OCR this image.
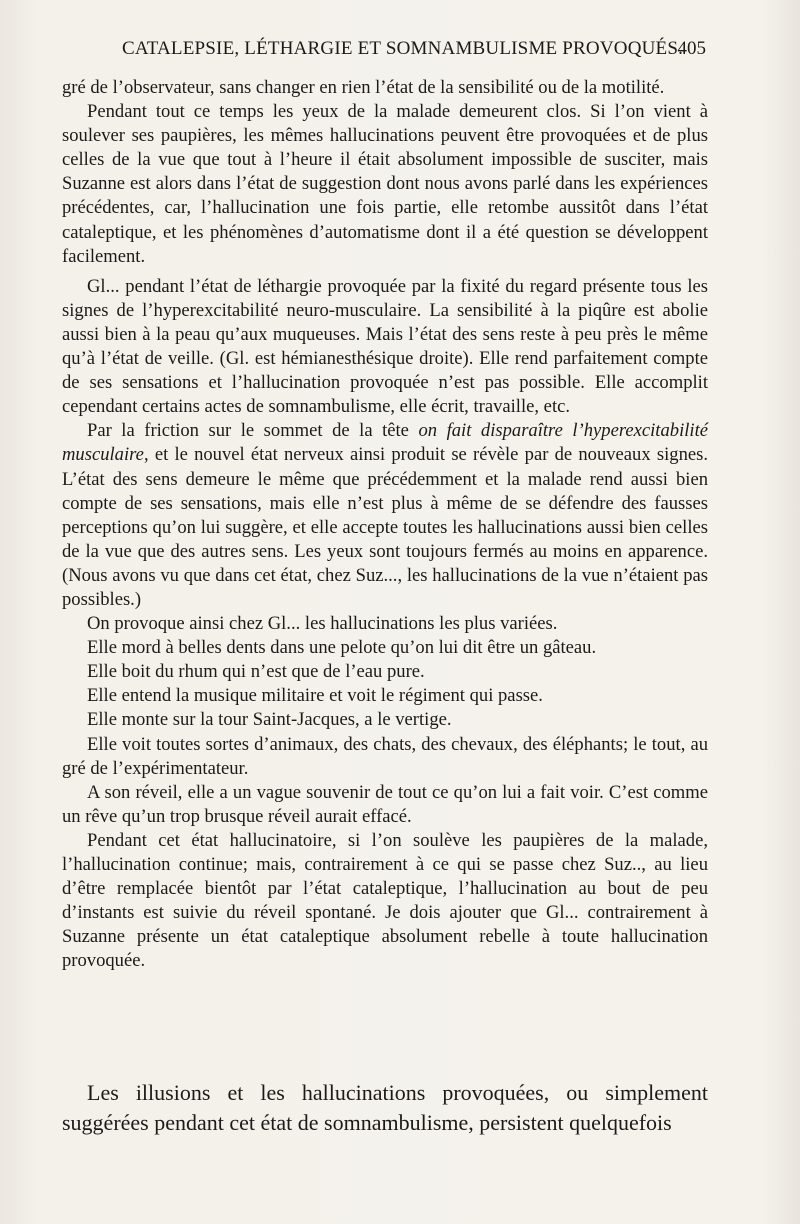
CATALEPSIE, LÉTHARGIE ET SOMNAMBULISME PROVOQUÉS.
405

gré de l’observateur, sans changer en rien l’état de la sensibilité ou de la motilité.

Pendant tout ce temps les yeux de la malade demeurent clos. Si l’on vient à soulever ses paupières, les mêmes hallucinations peuvent être provoquées et de plus celles de la vue que tout à l’heure il était absolument impossible de susciter, mais Suzanne est alors dans l’état de suggestion dont nous avons parlé dans les expériences précédentes, car, l’hallucination une fois partie, elle retombe aussitôt dans l’état cataleptique, et les phénomènes d’automatisme dont il a été question se développent facilement.

Gl... pendant l’état de léthargie provoquée par la fixité du regard présente tous les signes de l’hyperexcitabilité neuro-musculaire. La sensibilité à la piqûre est abolie aussi bien à la peau qu’aux muqueuses. Mais l’état des sens reste à peu près le même qu’à l’état de veille. (Gl. est hémianesthésique droite). Elle rend parfaitement compte de ses sensations et l’hallucination provoquée n’est pas possible. Elle accomplit cependant certains actes de somnambulisme, elle écrit, travaille, etc.

Par la friction sur le sommet de la tête on fait disparaître l’hyperexcitabilité musculaire, et le nouvel état nerveux ainsi produit se révèle par de nouveaux signes. L’état des sens demeure le même que précédemment et la malade rend aussi bien compte de ses sensations, mais elle n’est plus à même de se défendre des fausses perceptions qu’on lui suggère, et elle accepte toutes les hallucinations aussi bien celles de la vue que des autres sens. Les yeux sont toujours fermés au moins en apparence. (Nous avons vu que dans cet état, chez Suz..., les hallucinations de la vue n’étaient pas possibles.)

On provoque ainsi chez Gl... les hallucinations les plus variées.

Elle mord à belles dents dans une pelote qu’on lui dit être un gâteau.

Elle boit du rhum qui n’est que de l’eau pure.

Elle entend la musique militaire et voit le régiment qui passe.

Elle monte sur la tour Saint-Jacques, a le vertige.

Elle voit toutes sortes d’animaux, des chats, des chevaux, des éléphants; le tout, au gré de l’expérimentateur.

A son réveil, elle a un vague souvenir de tout ce qu’on lui a fait voir. C’est comme un rêve qu’un trop brusque réveil aurait effacé.

Pendant cet état hallucinatoire, si l’on soulève les paupières de la malade, l’hallucination continue; mais, contrairement à ce qui se passe chez Suz.., au lieu d’être remplacée bientôt par l’état cataleptique, l’hallucination au bout de peu d’instants est suivie du réveil spontané. Je dois ajouter que Gl... contrairement à Suzanne présente un état cataleptique absolument rebelle à toute hallucination provoquée.

Les illusions et les hallucinations provoquées, ou simplement suggérées pendant cet état de somnambulisme, persistent quelquefois
